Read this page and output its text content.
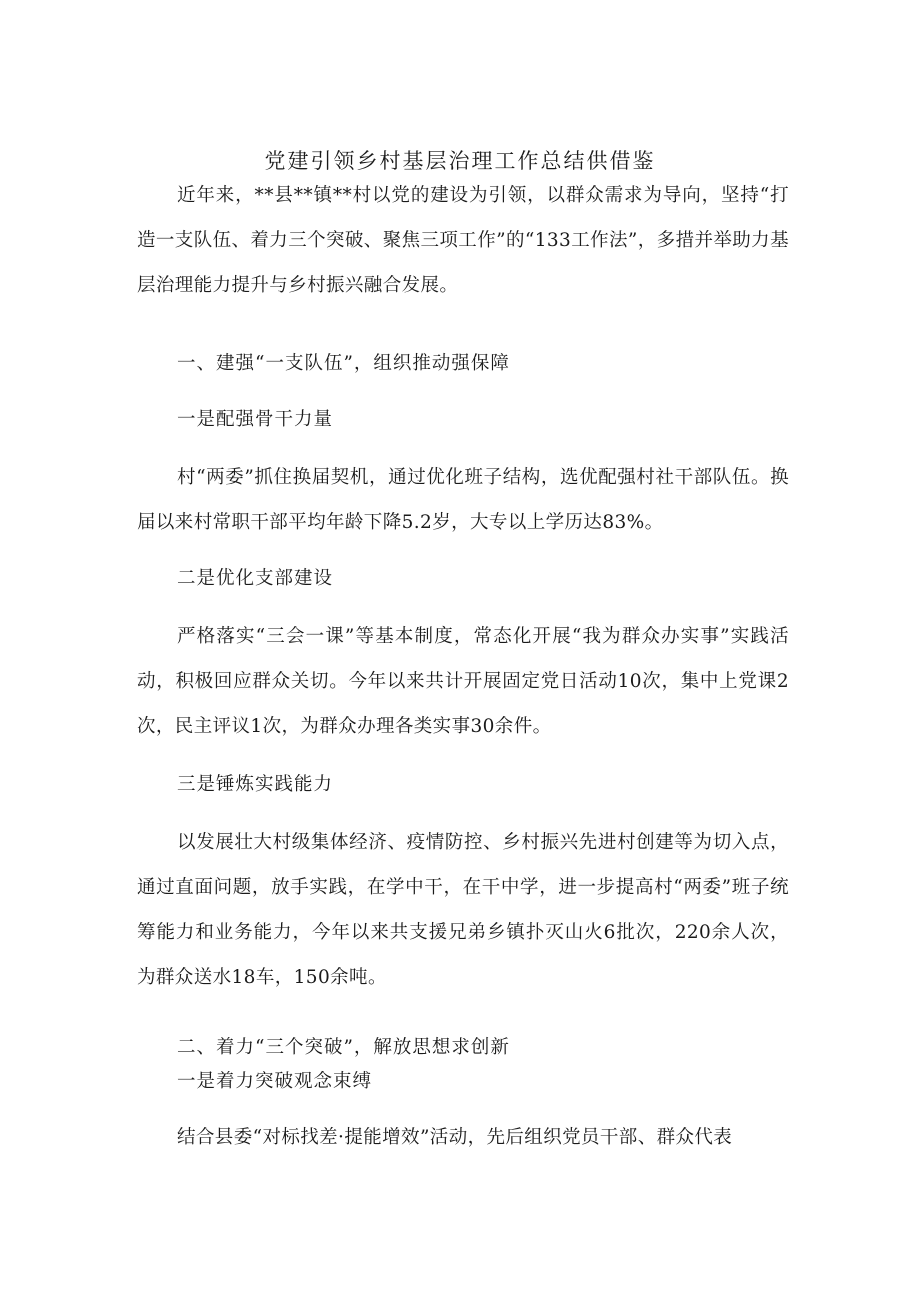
党建引领乡村基层治理工作总结供借鉴

近年来，**县**镇**村以党的建设为引领，以群众需求为导向，坚持“打造一支队伍、着力三个突破、聚焦三项工作”的“133工作法”，多措并举助力基层治理能力提升与乡村振兴融合发展。

一、建强“一支队伍”，组织推动强保障
一是配强骨干力量

村“两委”抓住换届契机，通过优化班子结构，选优配强村社干部队伍。换届以来村常职干部平均年龄下降5.2岁，大专以上学历达83%。

二是优化支部建设

严格落实“三会一课”等基本制度，常态化开展“我为群众办实事”实践活动，积极回应群众关切。今年以来共计开展固定党日活动10次，集中上党课2次，民主评议1次，为群众办理各类实事30余件。

三是锤炼实践能力

以发展壮大村级集体经济、疫情防控、乡村振兴先进村创建等为切入点，通过直面问题，放手实践，在学中干，在干中学，进一步提高村“两委”班子统筹能力和业务能力，今年以来共支援兄弟乡镇扑灭山火6批次，220余人次，为群众送水18车，150余吨。

二、着力“三个突破”，解放思想求创新
一是着力突破观念束缚

结合县委“对标找差·提能增效”活动，先后组织党员干部、群众代表
